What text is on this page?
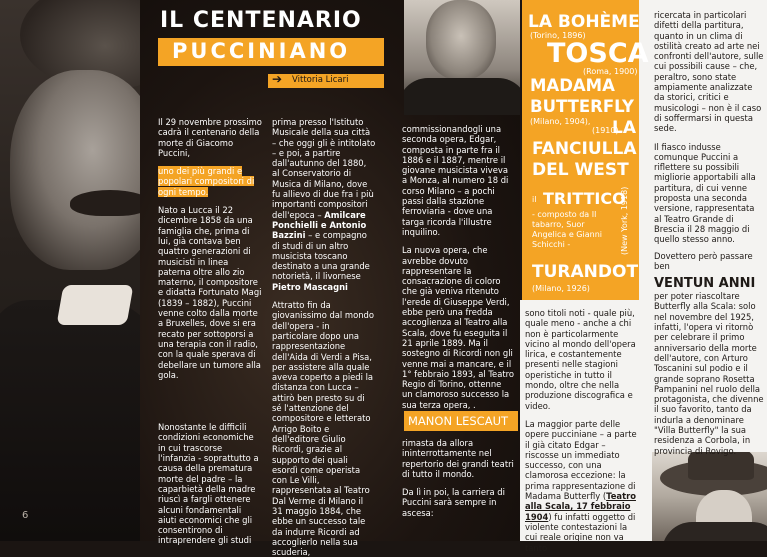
6
IL CENTENARIO
PUCCINIANO
➔ Vittoria Licari
Il 29 novembre prossimo cadrà il centenario della morte di Giacomo Puccini,
uno dei più grandi e popolari compositori di ogni tempo.
Nato a Lucca il 22 dicembre 1858 da una famiglia che, prima di lui, già contava ben quattro generazioni di musicisti in linea paterna oltre allo zio materno, il compositore e didatta Fortunato Magi (1839 – 1882), Puccini venne colto dalla morte a Bruxelles, dove si era recato per sottoporsi a una terapia con il radio, con la quale sperava di debellare un tumore alla gola.
Nonostante le difficili condizioni economiche in cui trascorse l'infanzia - soprattutto a causa della prematura morte del padre – la caparbietà della madre riuscì a fargli ottenere alcuni fondamentali aiuti economici che gli consentirono di intraprendere gli studi
prima presso l'Istituto Musicale della sua città – che oggi gli è intitolato – e poi, a partire dall'autunno del 1880, al Conservatorio di Musica di Milano, dove fu allievo di due fra i più importanti compositori dell'epoca – Amilcare Ponchielli e Antonio Bazzini – e compagno di studi di un altro musicista toscano destinato a una grande notorietà, il livornese Pietro Mascagni
Attratto fin da giovanissimo dal mondo dell'opera - in particolare dopo una rappresentazione dell'Aida di Verdi a Pisa, per assistere alla quale aveva coperto a piedi la distanza con Lucca – attirò ben presto su di sé l'attenzione del compositore e letterato Arrigo Boito e dell'editore Giulio Ricordi, grazie al supporto dei quali esordì come operista con Le Villi, rappresentata al Teatro Dal Verme di Milano il 31 maggio 1884, che ebbe un successo tale da indurre Ricordi ad accoglierlo nella sua scuderia,
commissionandogli una seconda opera, Edgar, composta in parte fra il 1886 e il 1887, mentre il giovane musicista viveva a Monza, al numero 18 di corso Milano – a pochi passi dalla stazione ferroviaria - dove una targa ricorda l'illustre inquilino.
La nuova opera, che avrebbe dovuto rappresentare la consacrazione di coloro che già veniva ritenuto l'erede di Giuseppe Verdi, ebbe però una fredda accoglienza al Teatro alla Scala, dove fu eseguita il 21 aprile 1889. Ma il sostegno di Ricordi non gli venne mai a mancare, e il 1° febbraio 1893, al Teatro Regio di Torino, ottenne un clamoroso successo la sua terza opera, .
MANON LESCAUT
rimasta da allora ininterrottamente nel repertorio dei grandi teatri di tutto il mondo.
Da lì in poi, la carriera di Puccini sarà sempre in ascesa:
LA BOHÈME
(Torino, 1896)
TOSCA
(Roma, 1900)
MADAMA
BUTTERFLY
(Milano, 1904),
(1910)
LA
FANCIULLA
DEL WEST
il TRITTICO
- composto da Il tabarro, Suor Angelica e Gianni Schicchi -	(New York, 1918)
TURANDOT
(Milano, 1926)
sono titoli noti - quale più, quale meno - anche a chi non è particolarmente vicino al mondo dell'opera lirica, e costantemente presenti nelle stagioni operistiche in tutto il mondo, oltre che nella produzione discografica e video.
La maggior parte delle opere pucciniane – a parte il già citato Edgar – riscosse un immediato successo, con una clamorosa eccezione: la prima rappresentazione di Madama Butterfly (Teatro alla Scala, 17 febbraio 1904) fu infatti oggetto di violente contestazioni la cui reale origine non va tanto
ricercata in particolari difetti della partitura, quanto in un clima di ostilità creato ad arte nei confronti dell'autore, sulle cui possibili cause – che, peraltro, sono state ampiamente analizzate da storici, critici e musicologi – non è il caso di soffermarsi in questa sede.
Il fiasco indusse comunque Puccini a riflettere su possibili migliorie apportabili alla partitura, di cui venne proposta una seconda versione, rappresentata al Teatro Grande di Brescia il 28 maggio di quello stesso anno.
Dovettero però passare ben
VENTUN ANNI
per poter riascoltare Butterfly alla Scala: solo nel novembre del 1925, infatti, l'opera vi ritornò per celebrare il primo anniversario della morte dell'autore, con Arturo Toscanini sul podio e il grande soprano Rosetta Pampanini nel ruolo della protagonista, che divenne il suo favorito, tanto da indurla a denominare "Villa Butterfly" la sua residenza a Corbola, in provincia di Rovigo.
